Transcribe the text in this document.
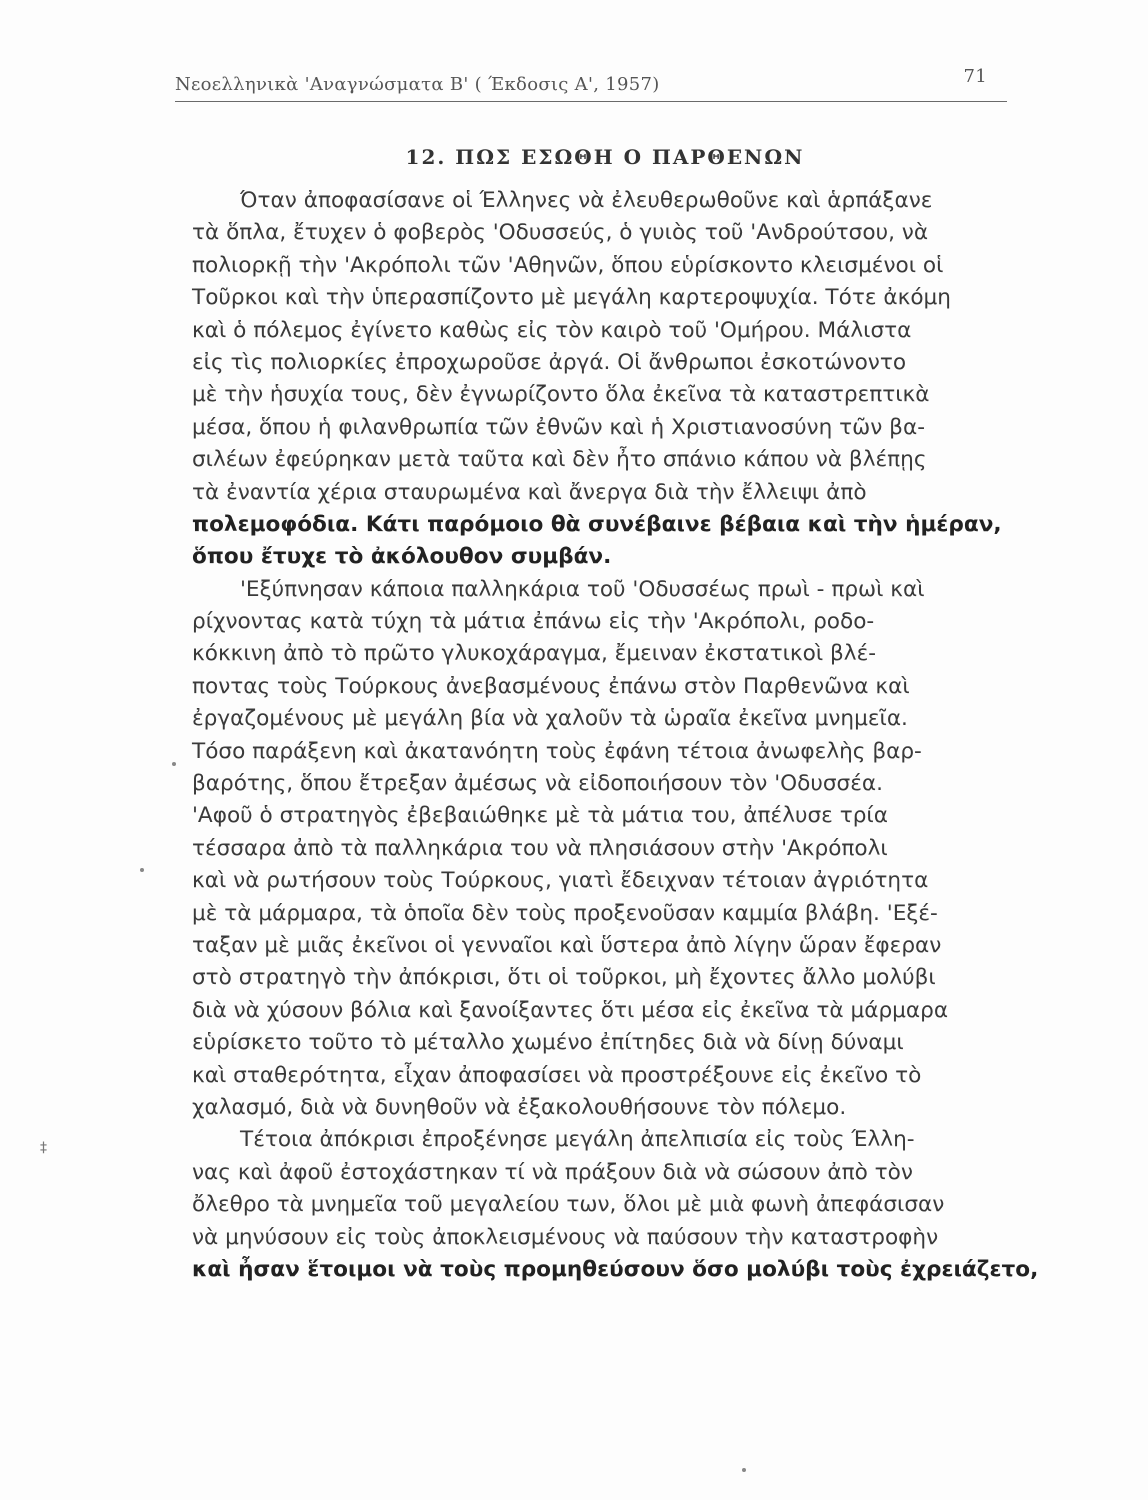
Νεοελληνικὰ 'Αναγνώσματα Β' ( Έκδοσις Α', 1957)	71
12. ΠΩΣ ΕΣΩΘΗ Ο ΠΑΡΘΕΝΩΝ
Όταν ἀποφασίσανε οἱ Έλληνες νὰ ἐλευθερωθοῦνε καὶ ἁρπάξανε
τὰ ὅπλα, ἔτυχεν ὁ φοβερὸς 'Οδυσσεύς, ὁ γυιὸς τοῦ 'Ανδρούτσου, νὰ
πολιορκῇ τὴν 'Ακρόπολι τῶν 'Αθηνῶν, ὅπου εὑρίσκοντο κλεισμένοι οἱ
Τοῦρκοι καὶ τὴν ὑπερασπίζοντο μὲ μεγάλη καρτεροψυχία. Τότε ἀκόμη
καὶ ὁ πόλεμος ἐγίνετο καθὼς εἰς τὸν καιρὸ τοῦ 'Ομήρου. Μάλιστα
εἰς τὶς πολιορκίες ἐπροχωροῦσε ἀργά. Οἱ ἄνθρωποι ἐσκοτώνοντο
μὲ τὴν ἡσυχία τους, δὲν ἐγνωρίζοντο ὅλα ἐκεῖνα τὰ καταστρεπτικὰ
μέσα, ὅπου ἡ φιλανθρωπία τῶν ἐθνῶν καὶ ἡ Χριστιανοσύνη τῶν βα-
σιλέων ἐφεύρηκαν μετὰ ταῦτα καὶ δὲν ἦτο σπάνιο κάπου νὰ βλέπῃς
τὰ ἐναντία χέρια σταυρωμένα καὶ ἄνεργα διὰ τὴν ἔλλειψι ἀπὸ
πολεμοφόδια. Κάτι παρόμοιο θὰ συνέβαινε βέβαια καὶ τὴν ἡμέραν,
ὅπου ἔτυχε τὸ ἀκόλουθον συμβάν.
'Εξύπνησαν κάποια παλληκάρια τοῦ 'Οδυσσέως πρωὶ - πρωὶ καὶ
ρίχνοντας κατὰ τύχη τὰ μάτια ἐπάνω εἰς τὴν 'Ακρόπολι, ροδο-
κόκκινη ἀπὸ τὸ πρῶτο γλυκοχάραγμα, ἔμειναν ἐκστατικοὶ βλέ-
ποντας τοὺς Τούρκους ἀνεβασμένους ἐπάνω στὸν Παρθενῶνα καὶ
ἐργαζομένους μὲ μεγάλη βία νὰ χαλοῦν τὰ ὡραῖα ἐκεῖνα μνημεῖα.
Τόσο παράξενη καὶ ἀκατανόητη τοὺς ἐφάνη τέτοια ἀνωφελὴς βαρ-
βαρότης, ὅπου ἔτρεξαν ἀμέσως νὰ εἰδοποιήσουν τὸν 'Οδυσσέα.
'Αφοῦ ὁ στρατηγὸς ἐβεβαιώθηκε μὲ τὰ μάτια του, ἀπέλυσε τρία
τέσσαρα ἀπὸ τὰ παλληκάρια του νὰ πλησιάσουν στὴν 'Ακρόπολι
καὶ νὰ ρωτήσουν τοὺς Τούρκους, γιατὶ ἔδειχναν τέτοιαν ἀγριότητα
μὲ τὰ μάρμαρα, τὰ ὁποῖα δὲν τοὺς προξενοῦσαν καμμία βλάβη. 'Εξέ-
ταξαν μὲ μιᾶς ἐκεῖνοι οἱ γενναῖοι καὶ ὕστερα ἀπὸ λίγην ὥραν ἔφεραν
στὸ στρατηγὸ τὴν ἀπόκρισι, ὅτι οἱ τοῦρκοι, μὴ ἔχοντες ἄλλο μολύβι
διὰ νὰ χύσουν βόλια καὶ ξανοίξαντες ὅτι μέσα εἰς ἐκεῖνα τὰ μάρμαρα
εὑρίσκετο τοῦτο τὸ μέταλλο χωμένο ἐπίτηδες διὰ νὰ δίνῃ δύναμι
καὶ σταθερότητα, εἶχαν ἀποφασίσει νὰ προστρέξουνε εἰς ἐκεῖνο τὸ
χαλασμό, διὰ νὰ δυνηθοῦν νὰ ἐξακολουθήσουνε τὸν πόλεμο.
Τέτοια ἀπόκρισι ἐπροξένησε μεγάλη ἀπελπισία εἰς τοὺς Έλλη-
νας καὶ ἀφοῦ ἐστοχάστηκαν τί νὰ πράξουν διὰ νὰ σώσουν ἀπὸ τὸν
ὄλεθρο τὰ μνημεῖα τοῦ μεγαλείου των, ὅλοι μὲ μιὰ φωνὴ ἀπεφάσισαν
νὰ μηνύσουν εἰς τοὺς ἀποκλεισμένους νὰ παύσουν τὴν καταστροφὴν
καὶ ἦσαν ἕτοιμοι νὰ τοὺς προμηθεύσουν ὅσο μολύβι τοὺς ἐχρειάζετο,
‡
